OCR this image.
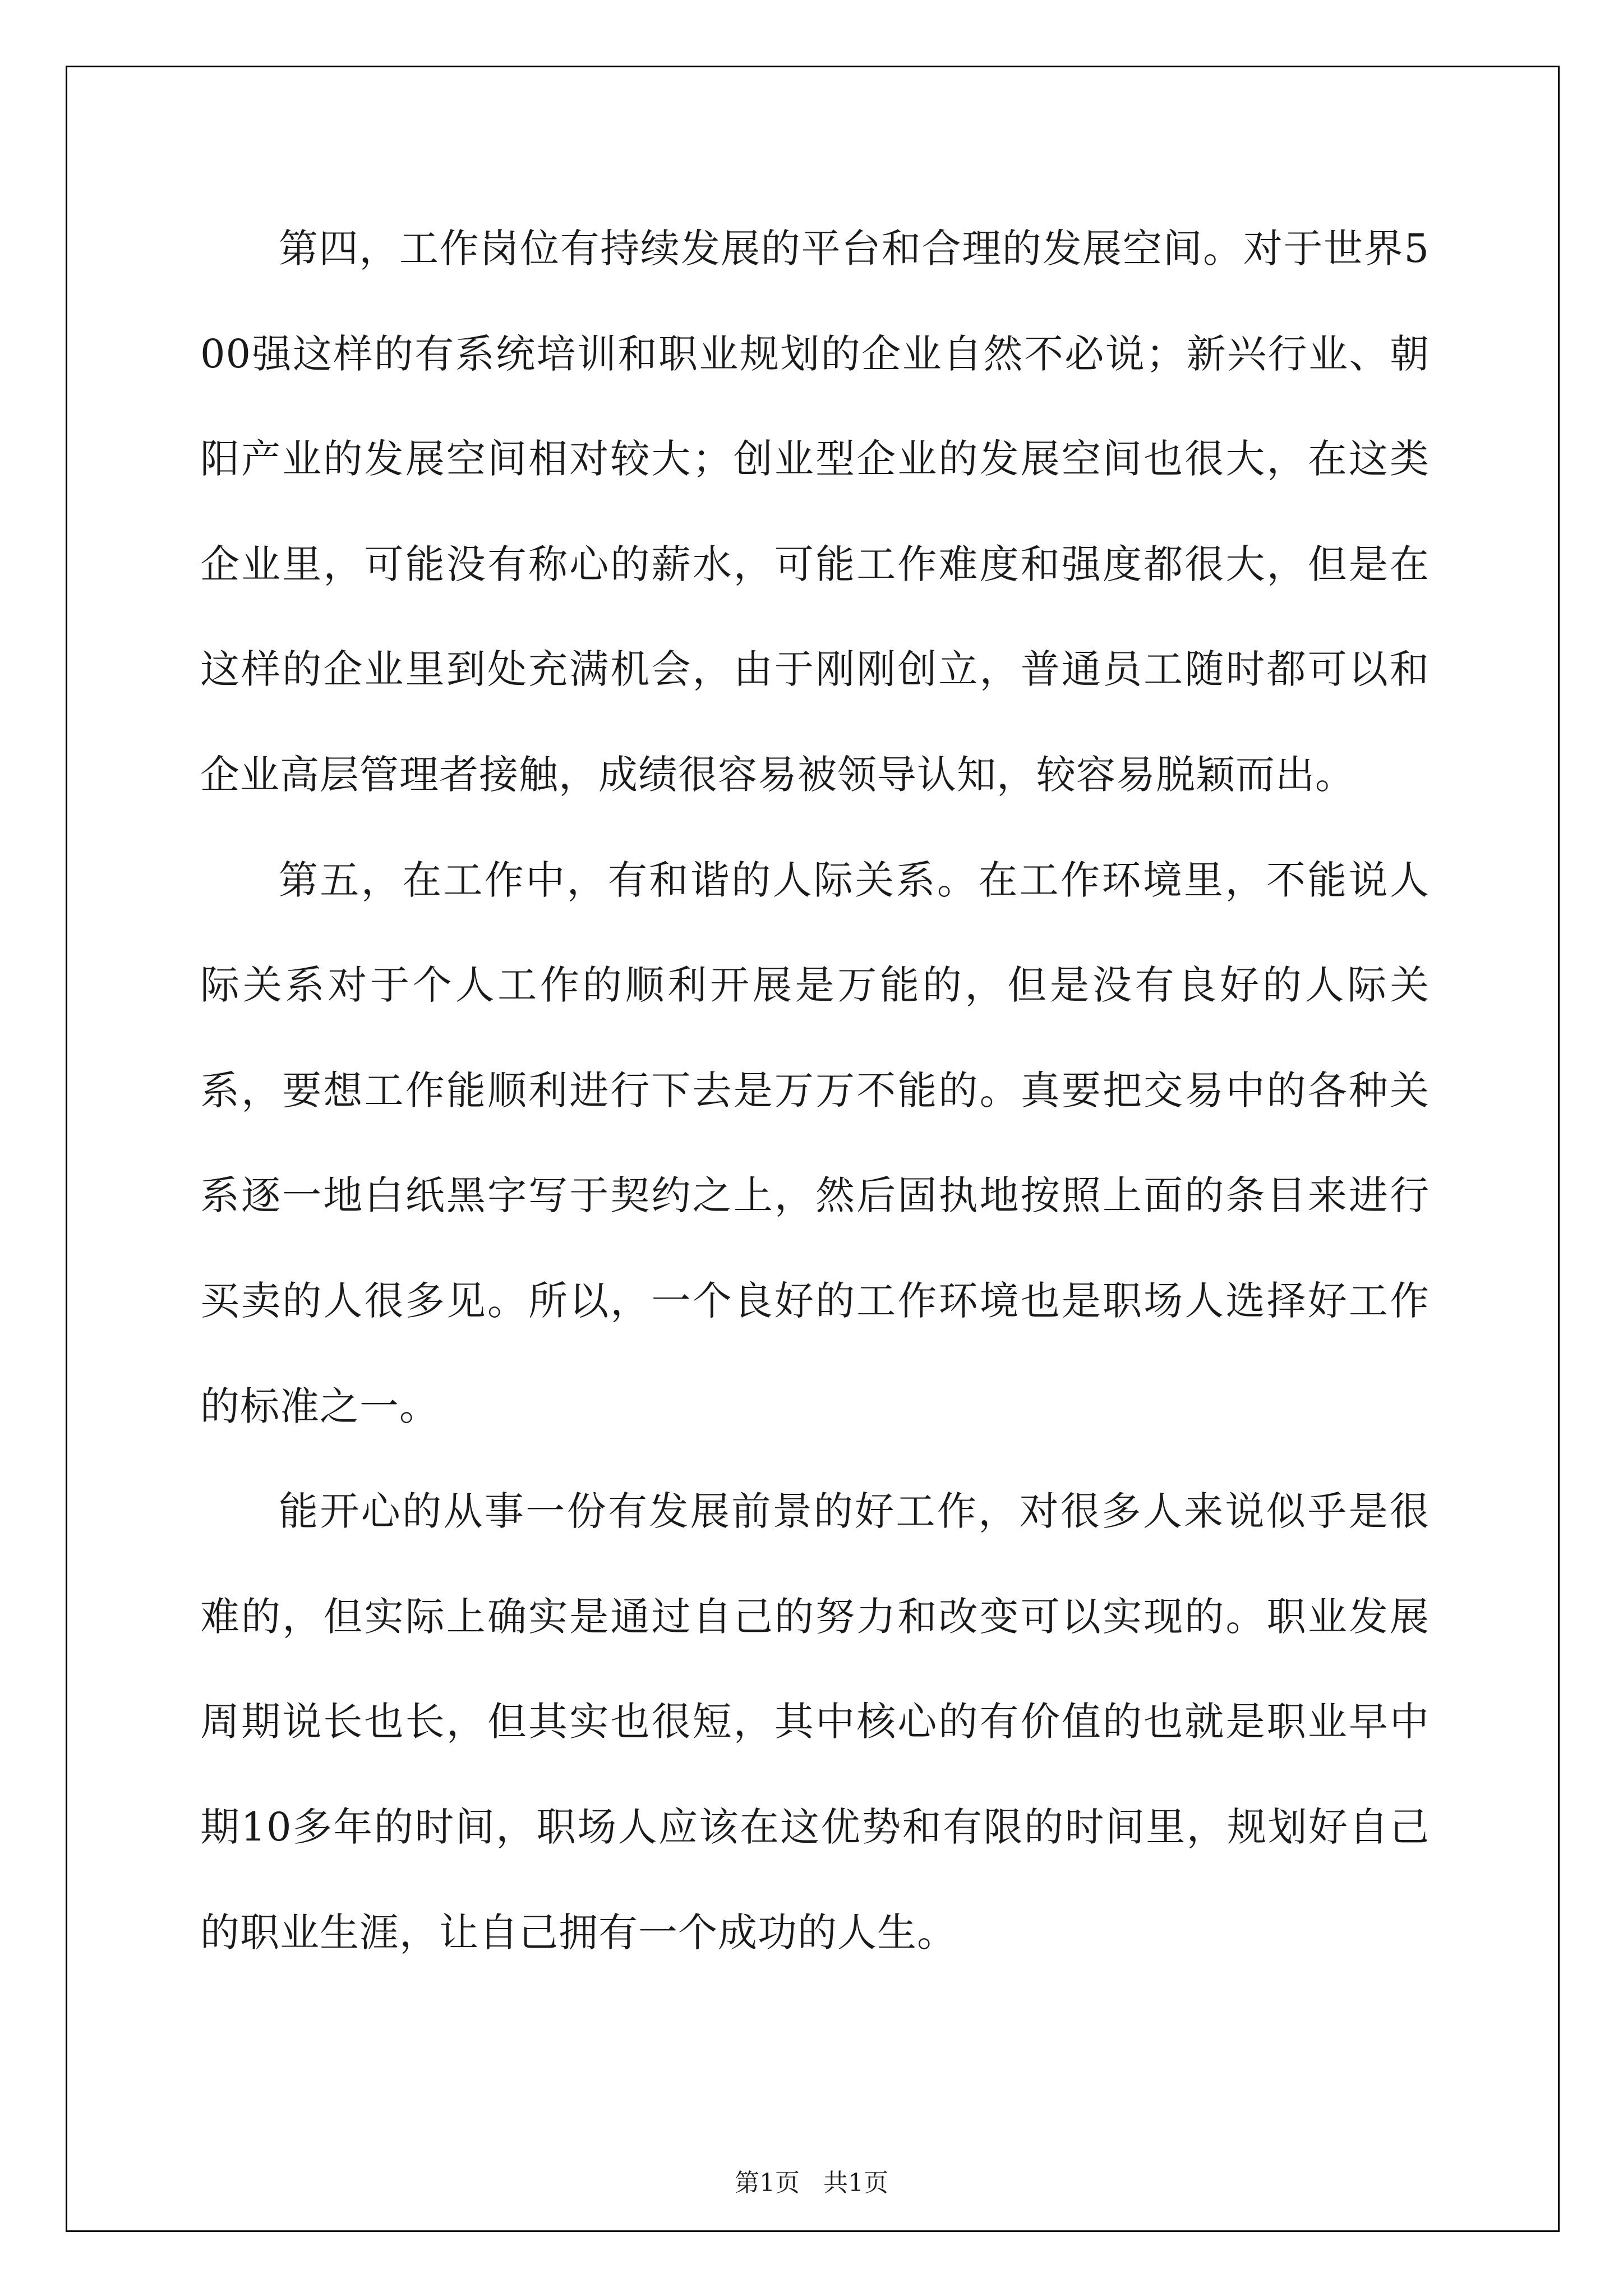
第四，工作岗位有持续发展的平台和合理的发展空间。对于世界500强这样的有系统培训和职业规划的企业自然不必说；新兴行业、朝阳产业的发展空间相对较大；创业型企业的发展空间也很大，在这类企业里，可能没有称心的薪水，可能工作难度和强度都很大，但是在这样的企业里到处充满机会，由于刚刚创立，普通员工随时都可以和企业高层管理者接触，成绩很容易被领导认知，较容易脱颖而出。

第五，在工作中，有和谐的人际关系。在工作环境里，不能说人际关系对于个人工作的顺利开展是万能的，但是没有良好的人际关系，要想工作能顺利进行下去是万万不能的。真要把交易中的各种关系逐一地白纸黑字写于契约之上，然后固执地按照上面的条目来进行买卖的人很多见。所以，一个良好的工作环境也是职场人选择好工作的标准之一。

能开心的从事一份有发展前景的好工作，对很多人来说似乎是很难的，但实际上确实是通过自己的努力和改变可以实现的。职业发展周期说长也长，但其实也很短，其中核心的有价值的也就是职业早中期10多年的时间，职场人应该在这优势和有限的时间里，规划好自己的职业生涯，让自己拥有一个成功的人生。

第1页 共1页
